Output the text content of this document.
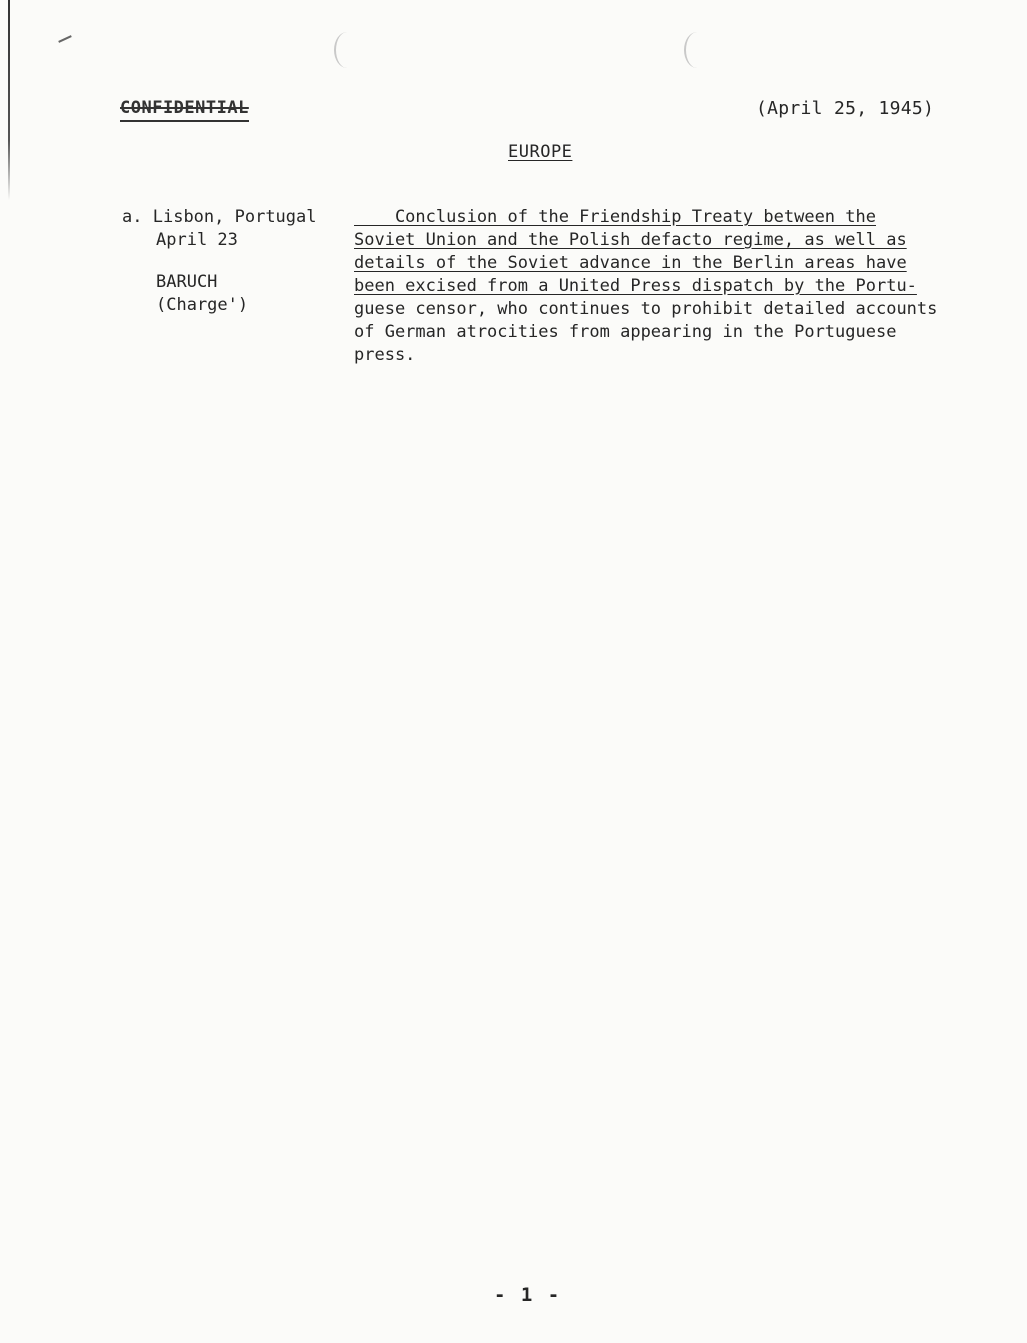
CONFIDENTIAL	(April 25, 1945)
EUROPE
a. Lisbon, Portugal
April 23
BARUCH
(Charge')
Conclusion of the Friendship Treaty between the
Soviet Union and the Polish defacto regime, as well as
details of the Soviet advance in the Berlin areas have
been excised from a United Press dispatch by the Portu-
guese censor, who continues to prohibit detailed accounts
of German atrocities from appearing in the Portuguese
press.
- 1 -
